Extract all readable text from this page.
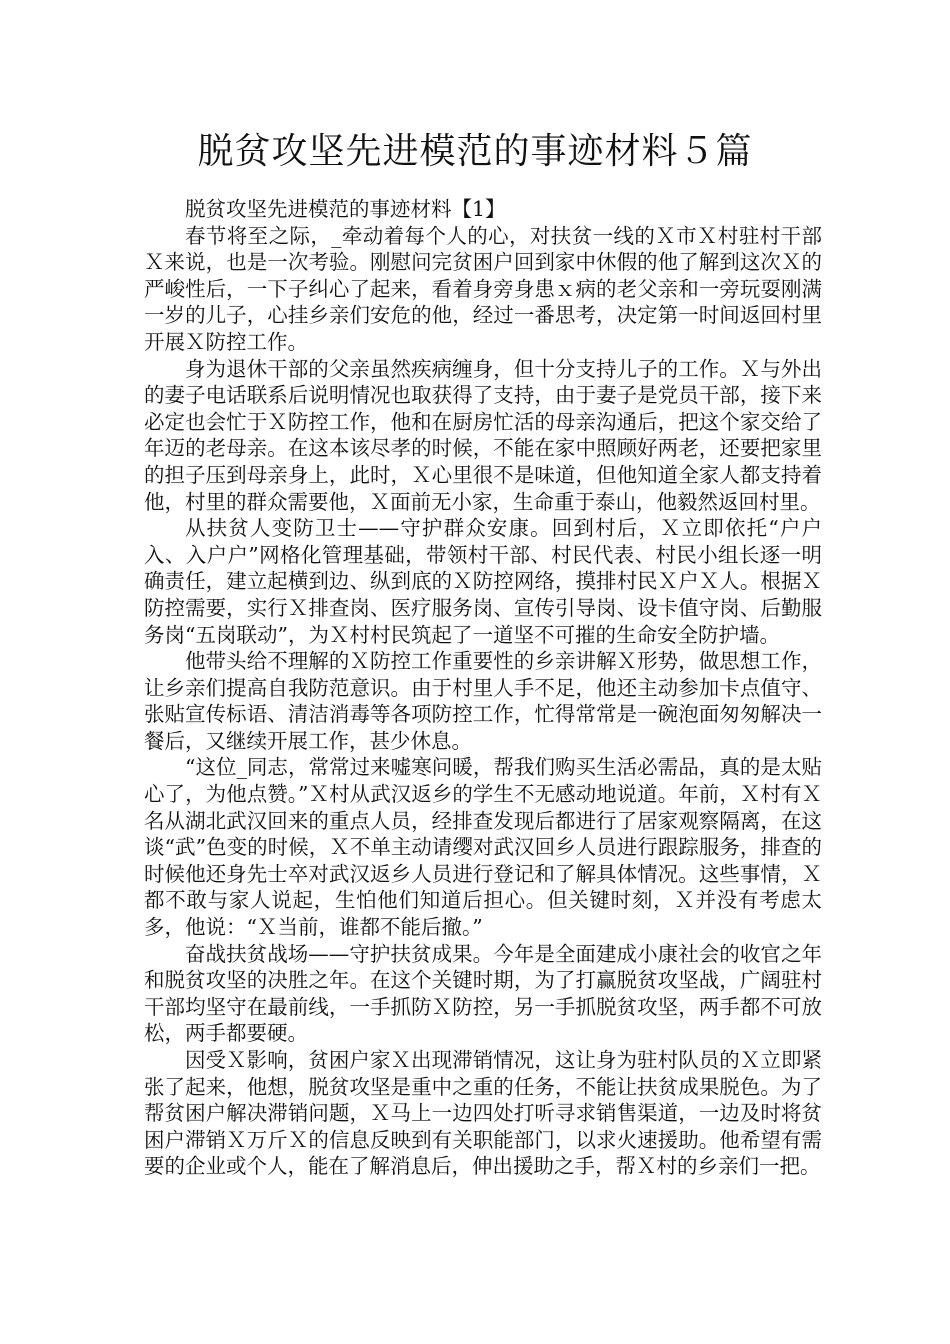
脱贫攻坚先进模范的事迹材料５篇

脱贫攻坚先进模范的事迹材料【1】

春节将至之际，_牵动着每个人的心，对扶贫一线的Ｘ市Ｘ村驻村干部Ｘ来说，也是一次考验。刚慰问完贫困户回到家中休假的他了解到这次Ｘ的严峻性后，一下子纠心了起来，看着身旁身患ｘ病的老父亲和一旁玩耍刚满一岁的儿子，心挂乡亲们安危的他，经过一番思考，决定第一时间返回村里开展Ｘ防控工作。

身为退休干部的父亲虽然疾病缠身，但十分支持儿子的工作。Ｘ与外出的妻子电话联系后说明情况也取获得了支持，由于妻子是党员干部，接下来必定也会忙于Ｘ防控工作，他和在厨房忙活的母亲沟通后，把这个家交给了年迈的老母亲。在这本该尽孝的时候，不能在家中照顾好两老，还要把家里的担子压到母亲身上，此时，Ｘ心里很不是味道，但他知道全家人都支持着他，村里的群众需要他，Ｘ面前无小家，生命重于泰山，他毅然返回村里。

从扶贫人变防卫士——守护群众安康。回到村后，Ｘ立即依托“户户入、入户户”网格化管理基础，带领村干部、村民代表、村民小组长逐一明确责任，建立起横到边、纵到底的Ｘ防控网络，摸排村民Ｘ户Ｘ人。根据Ｘ防控需要，实行Ｘ排查岗、医疗服务岗、宣传引导岗、设卡值守岗、后勤服务岗“五岗联动”，为Ｘ村村民筑起了一道坚不可摧的生命安全防护墙。

他带头给不理解的Ｘ防控工作重要性的乡亲讲解Ｘ形势，做思想工作，让乡亲们提高自我防范意识。由于村里人手不足，他还主动参加卡点值守、张贴宣传标语、清洁消毒等各项防控工作，忙得常常是一碗泡面匆匆解决一餐后，又继续开展工作，甚少休息。

“这位_同志，常常过来嘘寒问暖，帮我们购买生活必需品，真的是太贴心了，为他点赞。”Ｘ村从武汉返乡的学生不无感动地说道。年前，Ｘ村有Ｘ名从湖北武汉回来的重点人员，经排查发现后都进行了居家观察隔离，在这谈“武”色变的时候，Ｘ不单主动请缨对武汉回乡人员进行跟踪服务，排查的时候他还身先士卒对武汉返乡人员进行登记和了解具体情况。这些事情，Ｘ都不敢与家人说起，生怕他们知道后担心。但关键时刻，Ｘ并没有考虑太多，他说：“Ｘ当前，谁都不能后撤。”

奋战扶贫战场——守护扶贫成果。今年是全面建成小康社会的收官之年和脱贫攻坚的决胜之年。在这个关键时期，为了打赢脱贫攻坚战，广阔驻村干部均坚守在最前线，一手抓防Ｘ防控，另一手抓脱贫攻坚，两手都不可放松，两手都要硬。

因受Ｘ影响，贫困户家Ｘ出现滞销情况，这让身为驻村队员的Ｘ立即紧张了起来，他想，脱贫攻坚是重中之重的任务，不能让扶贫成果脱色。为了帮贫困户解决滞销问题，Ｘ马上一边四处打听寻求销售渠道，一边及时将贫困户滞销Ｘ万斤Ｘ的信息反映到有关职能部门，以求火速援助。他希望有需要的企业或个人，能在了解消息后，伸出援助之手，帮Ｘ村的乡亲们一把。
